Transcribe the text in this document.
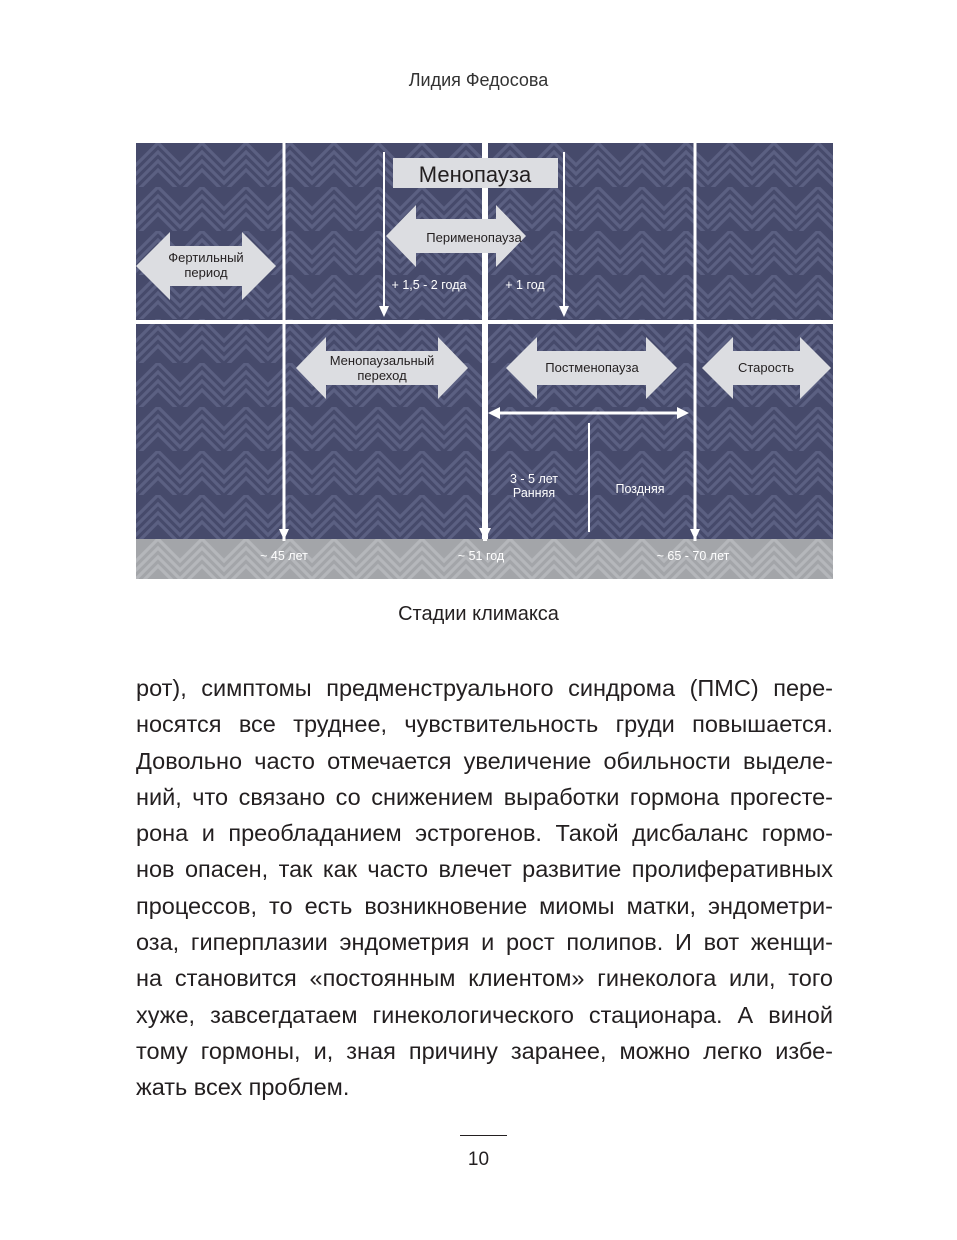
Лидия Федосова
Менопауза
Перименопауза
Фертильный
период
+ 1,5 - 2 года	+ 1 год
Менопаузальный
переход
Постменопауза	Старость
3 - 5 лет
Ранняя	Поздняя
~ 45 лет	~ 51 год	~ 65 - 70 лет
Стадии климакса
рот), симптомы предменструального синдрома (ПМС) пере-
носятся все труднее, чувствительность груди повышается.
Довольно часто отмечается увеличение обильности выделе-
ний, что связано со снижением выработки гормона прогесте-
рона и преобладанием эстрогенов. Такой дисбаланс гормо-
нов опасен, так как часто влечет развитие пролиферативных
процессов, то есть возникновение миомы матки, эндометри-
оза, гиперплазии эндометрия и рост полипов. И вот женщи-
на становится «постоянным клиентом» гинеколога или, того
хуже, завсегдатаем гинекологического стационара. А виной
тому гормоны, и, зная причину заранее, можно легко избе-
жать всех проблем.
10
